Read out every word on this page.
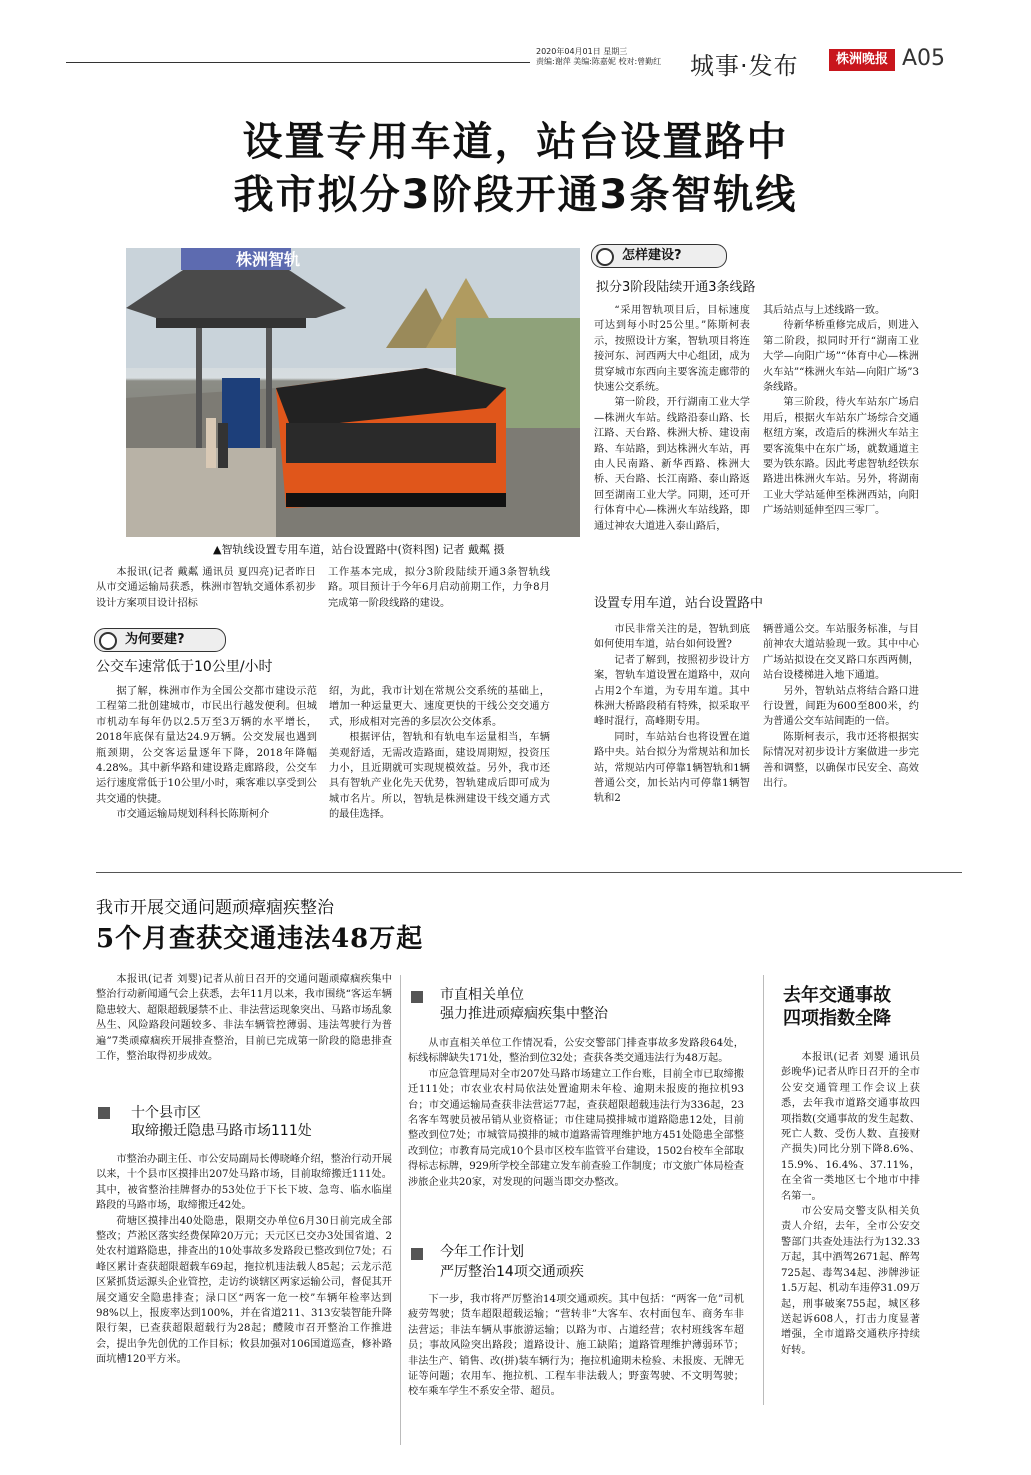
2020年04月01日 星期三
责编:谢萍 美编:陈嘉妮 校对:曾勤红 城事·发布	株洲晚报 A05
设置专用车道，站台设置路中
我市拟分3阶段开通3条智轨线
株洲智轨
▲智轨线设置专用车道，站台设置路中(资料图) 记者 戴粼 摄

本报讯(记者 戴粼 通讯员 夏四亮)记者昨日从市交通运输局获悉，株洲市智轨交通体系初步设计方案项目设计招标

工作基本完成，拟分3阶段陆续开通3条智轨线路。项目预计于今年6月启动前期工作，力争8月完成第一阶段线路的建设。

为何要建?
公交车速常低于10公里/小时

据了解，株洲市作为全国公交都市建设示范工程第二批创建城市，市民出行越发便利。但城市机动车每年仍以2.5万至3万辆的水平增长，2018年底保有量达24.9万辆。公交发展也遇到瓶颈期，公交客运量逐年下降，2018年降幅4.28%。其中新华路和建设路走廊路段，公交车运行速度常低于10公里/小时，乘客难以享受到公共交通的快捷。

市交通运输局规划科科长陈斯柯介

绍，为此，我市计划在常规公交系统的基础上，增加一种运量更大、速度更快的干线公交交通方式，形成相对完善的多层次公交体系。

根据评估，智轨和有轨电车运量相当，车辆美观舒适，无需改造路面，建设周期短，投资压力小，且近期就可实现规模效益。另外，我市还具有智轨产业化先天优势，智轨建成后即可成为城市名片。所以，智轨是株洲建设干线交通方式的最佳选择。

怎样建设?
拟分3阶段陆续开通3条线路

“采用智轨项目后，目标速度可达到每小时25公里。”陈斯柯表示，按照设计方案，智轨项目将连接河东、河西两大中心组团，成为贯穿城市东西向主要客流走廊带的快速公交系统。

第一阶段，开行湖南工业大学—株洲火车站。线路沿泰山路、长江路、天台路、株洲大桥、建设南路、车站路，到达株洲火车站，再由人民南路、新华西路、株洲大桥、天台路、长江南路、泰山路返回至湖南工业大学。同期，还可开行体育中心—株洲火车站线路，即通过神农大道进入泰山路后，

其后站点与上述线路一致。

待新华桥重修完成后，则进入第二阶段，拟同时开行“湖南工业大学—向阳广场”“体育中心—株洲火车站”“株洲火车站—向阳广场”3条线路。

第三阶段，待火车站东广场启用后，根据火车站东广场综合交通枢纽方案，改造后的株洲火车站主要客流集中在东广场，就数通道主要为铁东路。因此考虑智轨经铁东路进出株洲火车站。另外，将湖南工业大学站延伸至株洲西站，向阳广场站则延伸至四三零厂。

设置专用车道，站台设置路中

市民非常关注的是，智轨到底如何使用车道，站台如何设置?

记者了解到，按照初步设计方案，智轨车道设置在道路中，双向占用2个车道，为专用车道。其中株洲大桥路段稍有特殊，拟采取平峰时混行，高峰期专用。

同时，车站站台也将设置在道路中央。站台拟分为常规站和加长站，常规站内可停靠1辆智轨和1辆普通公交，加长站内可停靠1辆智轨和2

辆普通公交。车站服务标准，与目前神农大道站验现一致。其中中心广场站拟设在交叉路口东西两侧，站台设楼梯进入地下通道。

另外，智轨站点将结合路口进行设置，间距为600至800米，约为普通公交车站间距的一倍。

陈斯柯表示，我市还将根据实际情况对初步设计方案做进一步完善和调整，以确保市民安全、高效出行。

我市开展交通问题顽瘴痼疾整治
5个月查获交通违法48万起

本报讯(记者 刘婴)记者从前日召开的交通问题顽瘴痼疾集中整治行动新闻通气会上获悉，去年11月以来，我市围绕“客运车辆隐患较大、超限超载屡禁不止、非法营运现象突出、马路市场乱象丛生、风险路段问题较多、非法车辆管控薄弱、违法驾驶行为普遍”7类顽瘴痼疾开展排查整治，目前已完成第一阶段的隐患排查工作，整治取得初步成效。

十个县市区
取缔搬迁隐患马路市场111处

市整治办副主任、市公安局副局长傅晓峰介绍，整治行动开展以来，十个县市区摸排出207处马路市场，目前取缔搬迁111处。其中，被省整治挂牌督办的53处位于下长下坡、急弯、临水临崖路段的马路市场，取缔搬迁42处。

荷塘区摸排出40处隐患，限期交办单位6月30日前完成全部整改；芦淞区落实经费保障20万元；天元区已交办3处国省道、2处农村道路隐患，排查出的10处事故多发路段已整改到位7处；石峰区累计查获超限超载车69起，拖拉机违法载人85起；云龙示范区紧抓货运源头企业管控，走访约谈辖区两家运输公司，督促其开展交通安全隐患排查；渌口区“两客一危一校”车辆年检率达到98%以上，报废率达到100%，并在省道211、313安装智能升降限行架，已查获超限超载行为28起；醴陵市召开整治工作推进会，提出争先创优的工作目标；攸县加强对106国道巡查，修补路面坑槽120平方米。

市直相关单位
强力推进顽瘴痼疾集中整治

从市直相关单位工作情况看，公安交警部门排查事故多发路段64处，标线标牌缺失171处，整治到位32处；查获各类交通违法行为48万起。

市应急管理局对全市207处马路市场建立工作台账，目前全市已取缔搬迁111处；市农业农村局依法处置逾期未年检、逾期未报废的拖拉机93台；市交通运输局查获非法营运77起，查获超限超载违法行为336起，23名客车驾驶员被吊销从业资格证；市住建局摸排城市道路隐患12处，目前整改到位7处；市城管局摸排的城市道路需管理维护地方451处隐患全部整改到位；市教育局完成10个县市区校车监管平台建设，1502台校车全部取得标志标牌，929所学校全部建立发车前查验工作制度；市文旅广体局检查涉旅企业共20家，对发现的问题当即交办整改。

今年工作计划
严厉整治14项交通顽疾

下一步，我市将严厉整治14项交通顽疾。其中包括：“两客一危”司机疲劳驾驶；货车超限超载运输；“营转非”大客车、农村面包车、商务车非法营运；非法车辆从事旅游运输；以路为市、占道经营；农村班线客车超员；事故风险突出路段；道路设计、施工缺陷；道路管理维护薄弱环节；非法生产、销售、改(拼)装车辆行为；拖拉机逾期未检验、未报废、无牌无证等问题；农用车、拖拉机、工程车非法载人；野蛮驾驶、不文明驾驶；校车乘车学生不系安全带、超员。

去年交通事故
四项指数全降

本报讯(记者 刘婴 通讯员 彭晚华)记者从昨日召开的全市公安交通管理工作会议上获悉，去年我市道路交通事故四项指数(交通事故的发生起数、死亡人数、受伤人数、直接财产损失)同比分别下降8.6%、15.9%、16.4%、37.11%，在全省一类地区七个地市中排名第一。

市公安局交警支队相关负责人介绍，去年，全市公安交警部门共查处违法行为132.33万起，其中酒驾2671起、醉驾725起、毒驾34起、涉牌涉证1.5万起、机动车违停31.09万起，刑事破案755起，城区移送起诉608人，打击力度显著增强，全市道路交通秩序持续好转。
